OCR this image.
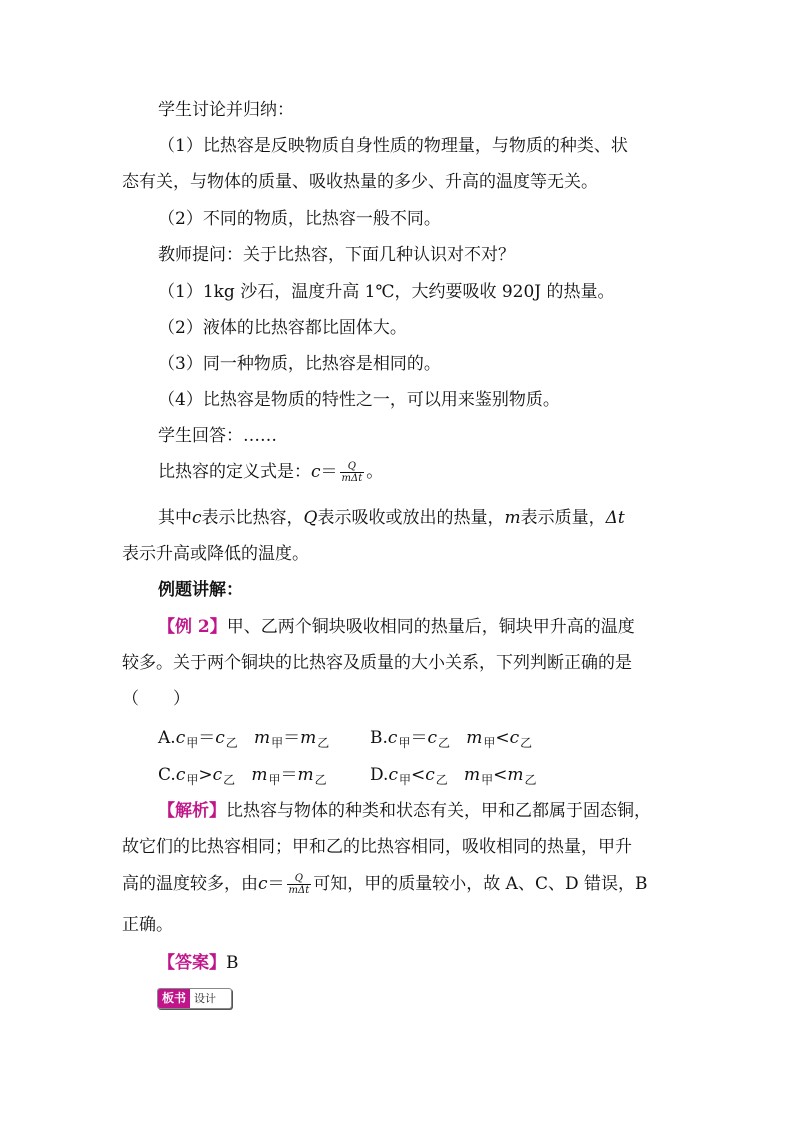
学生讨论并归纳：
（1）比热容是反映物质自身性质的物理量，与物质的种类、状
态有关，与物体的质量、吸收热量的多少、升高的温度等无关。
（2）不同的物质，比热容一般不同。
教师提问：关于比热容，下面几种认识对不对？
（1）1kg 沙石，温度升高 1℃，大约要吸收 920J 的热量。
（2）液体的比热容都比固体大。
（3）同一种物质，比热容是相同的。
（4）比热容是物质的特性之一，可以用来鉴别物质。
学生回答：……
比热容的定义式是：$c= \frac{Q}{\text{mΔt}}$ 。
其中c表示比热容，Q表示吸收或放出的热量，m表示质量，Δt
表示升高或降低的温度。
例题讲解：
【例 2】甲、乙两个铜块吸收相同的热量后，铜块甲升高的温度
较多。关于两个铜块的比热容及质量的大小关系，下列判断正确的是
（　　）
$A.c_甲=c_乙$ $m_甲=m_乙$ $B.c_甲=c_乙$ $m_甲<c_乙$
$C.c_甲>c_乙$ $m_甲=m_乙$	$D.c_甲<c_乙$ $m_甲<m_乙$
【解析】比热容与物体的种类和状态有关，甲和乙都属于固态铜，
故它们的比热容相同；甲和乙的比热容相同，吸收相同的热量，甲升
高的温度较多，由$c= \frac{Q}{\text{mΔt}}$ 可知，甲的质量较小，故 A、C、D 错误，B
正确。
【答案】B
板书 设计
